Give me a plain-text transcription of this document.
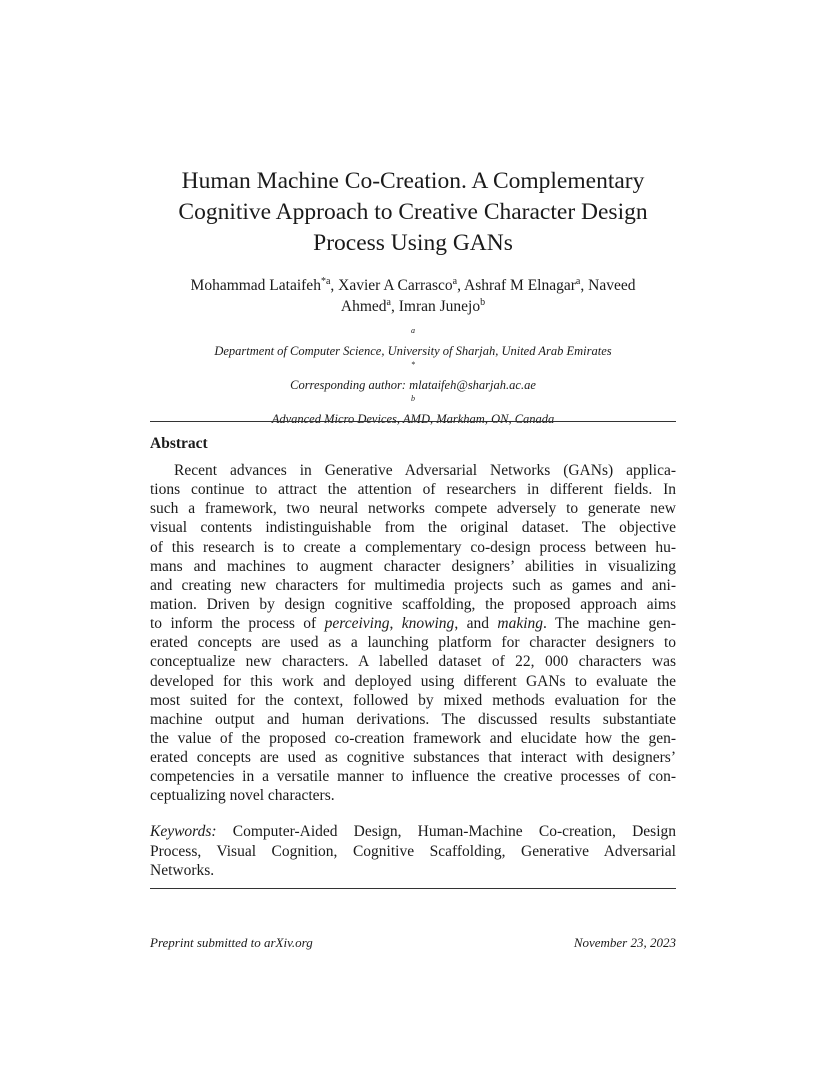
Human Machine Co-Creation. A Complementary
Cognitive Approach to Creative Character Design
Process Using GANs
Mohammad Lataifeh$^{*a}$, Xavier A Carrasco$^a$, Ashraf M Elnagar$^a$, Naveed
Ahmed$^a$, Imran Junejo$^b$
$^a$
Department of Computer Science, University of Sharjah, United Arab Emirates
*
Corresponding author: mlataifeh@sharjah.ac.ae
$^b$
Advanced Micro Devices, AMD, Markham, ON, Canada
Abstract
Recent advances in Generative Adversarial Networks (GANs) applica-
tions continue to attract the attention of researchers in different fields. In
such a framework, two neural networks compete adversely to generate new
visual contents indistinguishable from the original dataset. The objective
of this research is to create a complementary co-design process between hu-
mans and machines to augment character designers’ abilities in visualizing
and creating new characters for multimedia projects such as games and ani-
mation. Driven by design cognitive scaffolding, the proposed approach aims
to inform the process of perceiving, knowing, and making. The machine gen-
erated concepts are used as a launching platform for character designers to
conceptualize new characters. A labelled dataset of 22, 000 characters was
developed for this work and deployed using different GANs to evaluate the
most suited for the context, followed by mixed methods evaluation for the
machine output and human derivations. The discussed results substantiate
the value of the proposed co-creation framework and elucidate how the gen-
erated concepts are used as cognitive substances that interact with designers’
competencies in a versatile manner to influence the creative processes of con-
ceptualizing novel characters.
Keywords: Computer-Aided Design, Human-Machine Co-creation, Design
Process, Visual Cognition, Cognitive Scaffolding, Generative Adversarial
Networks.
Preprint submitted to arXiv.org	November 23, 2023
